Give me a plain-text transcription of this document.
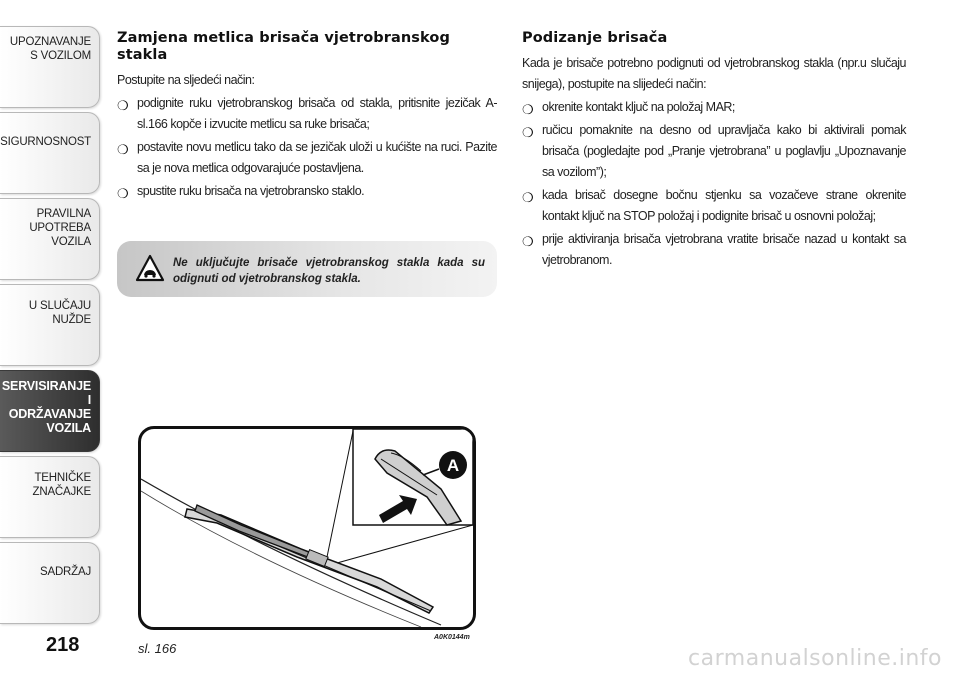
UPOZNAVANJE
S VOZILOM
SIGURNOSNOST
PRAVILNA
UPOTREBA
VOZILA
U SLUČAJU
NUŽDE
SERVISIRANJE I
ODRŽAVANJE
VOZILA
TEHNIČKE
ZNAČAJKE
SADRŽAJ
218
Zamjena metlica brisača vjetrobranskog stakla

Postupite na sljedeći način:

❍ podignite ruku vjetrobranskog brisača od stakla, pritisnite jezičak A-sl.166 kopče i izvucite metlicu sa ruke brisača;
❍ postavite novu metlicu tako da se jezičak uloži u kućište na ruci. Pazite sa je nova metlica odgovarajuće postavljena.
❍ spustite ruku brisača na vjetrobransko staklo.
Ne uključujte brisače vjetrobranskog stakla kada su odignuti od vjetrobranskog stakla.
Podizanje brisača

Kada je brisače potrebno podignuti od vjetrobranskog stakla (npr.u slučaju snijega), postupite na slijedeći način:

❍ okrenite kontakt ključ na položaj MAR;
❍ ručicu pomaknite na desno od upravljača kako bi aktivirali pomak brisača (pogledajte pod „Pranje vjetrobrana” u poglavlju „Upoznavanje sa vozilom”);
❍ kada brisač dosegne bočnu stjenku sa vozačeve strane okrenite kontakt ključ na STOP položaj i podignite brisač u osnovni položaj;
❍ prije aktiviranja brisača vjetrobrana vratite brisače nazad u kontakt sa vjetrobranom.
A
A0K0144m
sl. 166	carmanualsonline.info
